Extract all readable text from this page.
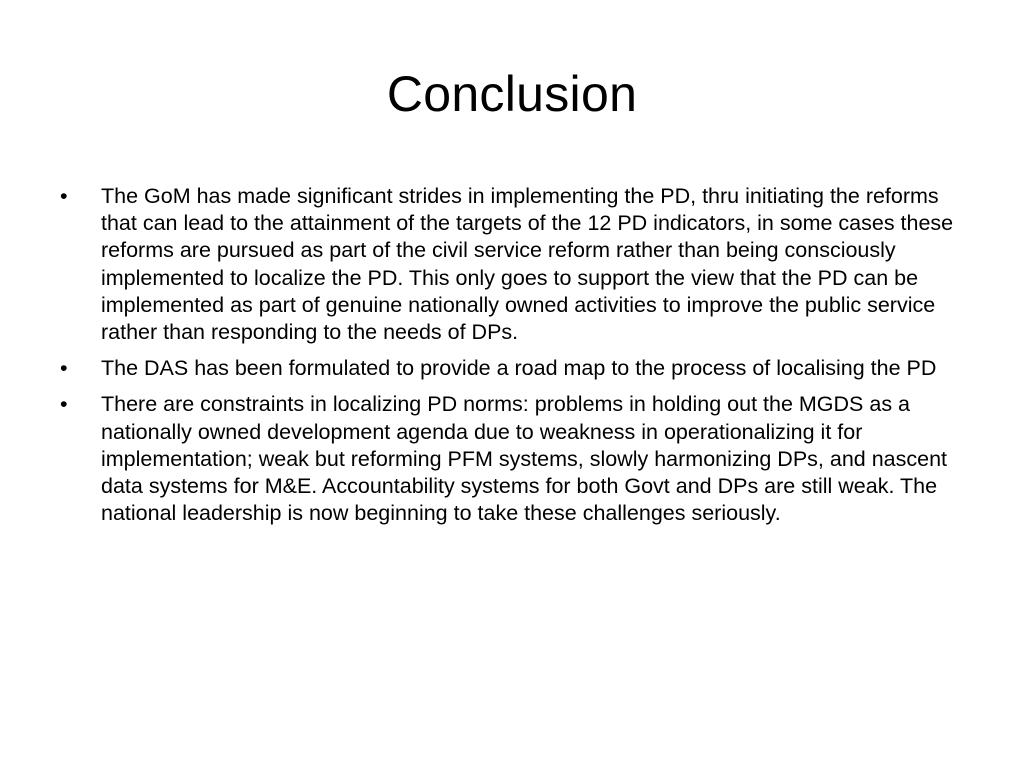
Conclusion
•	The GoM has made significant strides in implementing the PD, thru initiating the reforms that can lead to the attainment of the targets of the 12 PD indicators, in some cases these reforms are pursued as part of the civil service reform rather than being consciously implemented to localize the PD. This only goes to support the view that the PD can be implemented as part of genuine nationally owned activities to improve the public service rather than responding to the needs of DPs.
•	The DAS has been formulated to provide a road map to the process of localising the PD
•	There are constraints in localizing PD norms: problems in holding out the MGDS as a nationally owned development agenda due to weakness in operationalizing it for implementation; weak but reforming PFM systems, slowly harmonizing DPs, and nascent data systems for M&E. Accountability systems for both Govt and DPs are still weak. The national leadership is now beginning to take these challenges seriously.
